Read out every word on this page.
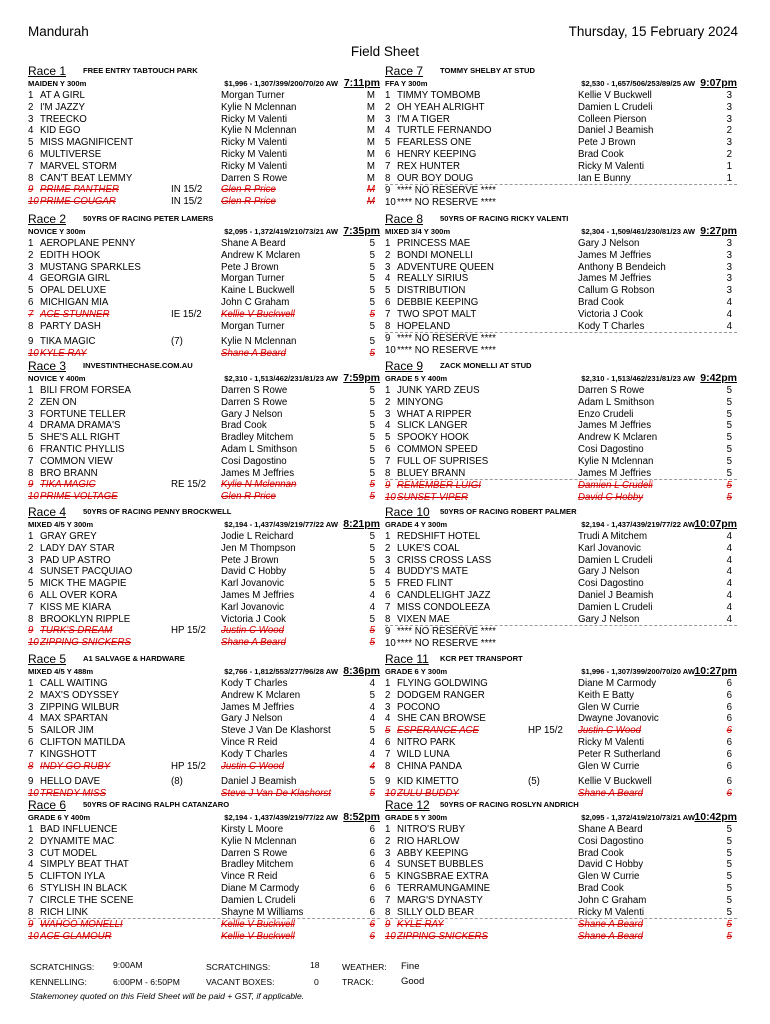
Mandurah	Thursday, 15 February 2024
Field Sheet
Race 1 FREE ENTRY TABTOUCH PARK
MAIDEN Y 300m	$1,996 - 1,307/399/200/70/20 AW 7:11pm
1 AT A GIRL	Morgan Turner	M
2 I'M JAZZY	Kylie N Mclennan	M
3 TREECKO	Ricky M Valenti	M
4 KID EGO	Kylie N Mclennan	M
5 MISS MAGNIFICENT	Ricky M Valenti	M
6 MULTIVERSE	Ricky M Valenti	M
7 MARVEL STORM	Ricky M Valenti	M
8 CAN'T BEAT LEMMY	Darren S Rowe	M
9 PRIME PANTHER	IN 15/2 Glen R Price	M
10 PRIME COUGAR	IN 15/2 Glen R Price	M
Race 2 50YRS OF RACING PETER LAMERS
NOVICE Y 300m	$2,095 - 1,372/419/210/73/21 AW 7:35pm
1 AEROPLANE PENNY	Shane A Beard	5
2 EDITH HOOK	Andrew K Mclaren	5
3 MUSTANG SPARKLES	Pete J Brown	5
4 GEORGIA GIRL	Morgan Turner	5
5 OPAL DELUXE	Kaine L Buckwell	5
6 MICHIGAN MIA	John C Graham	5
7 ACE STUNNER	IE 15/2 Kellie V Buckwell	5
8 PARTY DASH	Morgan Turner	5
9 TIKA MAGIC	(7)	Kylie N Mclennan	5
10 KYLE RAY	Shane A Beard	5
Race 3 INVESTINTHECHASE.COM.AU
NOVICE Y 400m	$2,310 - 1,513/462/231/81/23 AW 7:59pm
1 BILI FROM FORSEA	Darren S Rowe	5
2 ZEN ON	Darren S Rowe	5
3 FORTUNE TELLER	Gary J Nelson	5
4 DRAMA DRAMA'S	Brad Cook	5
5 SHE'S ALL RIGHT	Bradley Mitchem	5
6 FRANTIC PHYLLIS	Adam L Smithson	5
7 COMMON VIEW	Cosi Dagostino	5
8 BRO BRANN	James M Jeffries	5
9 TIKA MAGIC	RE 15/2 Kylie N Mclennan	5
10 PRIME VOLTAGE	Glen R Price	5
Race 4 50YRS OF RACING PENNY BROCKWELL
MIXED 4/5 Y 300m	$2,194 - 1,437/439/219/77/22 AW 8:21pm
1 GRAY GREY	Jodie L Reichard	5
2 LADY DAY STAR	Jen M Thompson	5
3 PAD UP ASTRO	Pete J Brown	5
4 SUNSET PACQUIAO	David C Hobby	5
5 MICK THE MAGPIE	Karl Jovanovic	5
6 ALL OVER KORA	James M Jeffries	4
7 KISS ME KIARA	Karl Jovanovic	4
8 BROOKLYN RIPPLE	Victoria J Cook	5
9 TURK'S DREAM	HP 15/2 Justin C Wood	5
10 ZIPPING SNICKERS	Shane A Beard	5
Race 5 A1 SALVAGE & HARDWARE
MIXED 4/5 Y 488m	$2,766 - 1,812/553/277/96/28 AW 8:36pm
1 CALL WAITING	Kody T Charles	4
2 MAX'S ODYSSEY	Andrew K Mclaren	5
3 ZIPPING WILBUR	James M Jeffries	4
4 MAX SPARTAN	Gary J Nelson	4
5 SAILOR JIM	Steve J Van De Klashorst	5
6 CLIFTON MATILDA	Vince R Reid	4
7 KINGSHOTT	Kody T Charles	4
8 INDY GO RUBY	HP 15/2 Justin C Wood	4
9 HELLO DAVE	(8)	Daniel J Beamish	5
10 TRENDY MISS	Steve J Van De Klashorst	5
Race 6 50YRS OF RACING RALPH CATANZARO
GRADE 6 Y 400m	$2,194 - 1,437/439/219/77/22 AW 8:52pm
1 BAD INFLUENCE	Kirsty L Moore	6
2 DYNAMITE MAC	Kylie N Mclennan	6
3 CUT MODEL	Darren S Rowe	6
4 SIMPLY BEAT THAT	Bradley Mitchem	6
5 CLIFTON IYLA	Vince R Reid	6
6 STYLISH IN BLACK	Diane M Carmody	6
7 CIRCLE THE SCENE	Damien L Crudeli	6
8 RICH LINK	Shayne M Williams	6
9 WAHOO MONELLI	Kellie V Buckwell	6
10 ACE GLAMOUR	Kellie V Buckwell	6
Race 7 TOMMY SHELBY AT STUD
FFA Y 300m	$2,530 - 1,657/506/253/89/25 AW 9:07pm
1 TIMMY TOMBOMB	Kellie V Buckwell	3
2 OH YEAH ALRIGHT	Damien L Crudeli	3
3 I'M A TIGER	Colleen Pierson	3
4 TURTLE FERNANDO	Daniel J Beamish	2
5 FEARLESS ONE	Pete J Brown	3
6 HENRY KEEPING	Brad Cook	2
7 REX HUNTER	Ricky M Valenti	1
8 OUR BOY DOUG	Ian E Bunny	1
9 **** NO RESERVE ****
10 **** NO RESERVE ****
Race 8 50YRS OF RACING RICKY VALENTI
MIXED 3/4 Y 300m	$2,304 - 1,509/461/230/81/23 AW 9:27pm
1 PRINCESS MAE	Gary J Nelson	3
2 BONDI MONELLI	James M Jeffries	3
3 ADVENTURE QUEEN	Anthony B Bendeich	3
4 REALLY SIRIUS	James M Jeffries	3
5 DISTRIBUTION	Callum G Robson	3
6 DEBBIE KEEPING	Brad Cook	4
7 TWO SPOT MALT	Victoria J Cook	4
8 HOPELAND	Kody T Charles	4
9 **** NO RESERVE ****
10 **** NO RESERVE ****
Race 9 ZACK MONELLI AT STUD
GRADE 5 Y 400m	$2,310 - 1,513/462/231/81/23 AW 9:42pm
1 JUNK YARD ZEUS	Darren S Rowe	5
2 MINYONG	Adam L Smithson	5
3 WHAT A RIPPER	Enzo Crudeli	5
4 SLICK LANGER	James M Jeffries	5
5 SPOOKY HOOK	Andrew K Mclaren	5
6 COMMON SPEED	Cosi Dagostino	5
7 FULL OF SUPRISES	Kylie N Mclennan	5
8 BLUEY BRANN	James M Jeffries	5
9 REMEMBER LUIGI	Damien L Crudeli	5
10 SUNSET VIPER	David C Hobby	5
Race 10 50YRS OF RACING ROBERT PALMER
GRADE 4 Y 300m	$2,194 - 1,437/439/219/77/22 AW 10:07pm
1 REDSHIFT HOTEL	Trudi A Mitchem	4
2 LUKE'S COAL	Karl Jovanovic	4
3 CRISS CROSS LASS	Damien L Crudeli	4
4 BUDDY'S MATE	Gary J Nelson	4
5 FRED FLINT	Cosi Dagostino	4
6 CANDLELIGHT JAZZ	Daniel J Beamish	4
7 MISS CONDOLEEZA	Damien L Crudeli	4
8 VIXEN MAE	Gary J Nelson	4
9 **** NO RESERVE ****
10 **** NO RESERVE ****
Race 11 KCR PET TRANSPORT
GRADE 6 Y 300m	$1,996 - 1,307/399/200/70/20 AW 10:27pm
1 FLYING GOLDWING	Diane M Carmody	6
2 DODGEM RANGER	Keith E Batty	6
3 POCONO	Glen W Currie	6
4 SHE CAN BROWSE	Dwayne Jovanovic	6
5 ESPERANCE ACE	HP 15/2 Justin C Wood	6
6 NITRO PARK	Ricky M Valenti	6
7 WILD LUNA	Peter R Sutherland	6
8 CHINA PANDA	Glen W Currie	6
9 KID KIMETTO	(5)	Kellie V Buckwell	6
10 ZULU BUDDY	Shane A Beard	6
Race 12 50YRS OF RACING ROSLYN ANDRICH
GRADE 5 Y 300m	$2,095 - 1,372/419/210/73/21 AW 10:42pm
1 NITRO'S RUBY	Shane A Beard	5
2 RIO HARLOW	Cosi Dagostino	5
3 ABBY KEEPING	Brad Cook	5
4 SUNSET BUBBLES	David C Hobby	5
5 KINGSBRAE EXTRA	Glen W Currie	5
6 TERRAMUNGAMINE	Brad Cook	5
7 MARG'S DYNASTY	John C Graham	5
8 SILLY OLD BEAR	Ricky M Valenti	5
9 KYLE RAY	Shane A Beard	5
10 ZIPPING SNICKERS	Shane A Beard	5
SCRATCHINGS: 9:00AM
KENNELLING:	6:00PM - 6:50PM
SCRATCHINGS:	18
VACANT BOXES:	0
WEATHER: Fine
TRACK:	Good
Stakemoney quoted on this Field Sheet will be paid + GST, if applicable.
